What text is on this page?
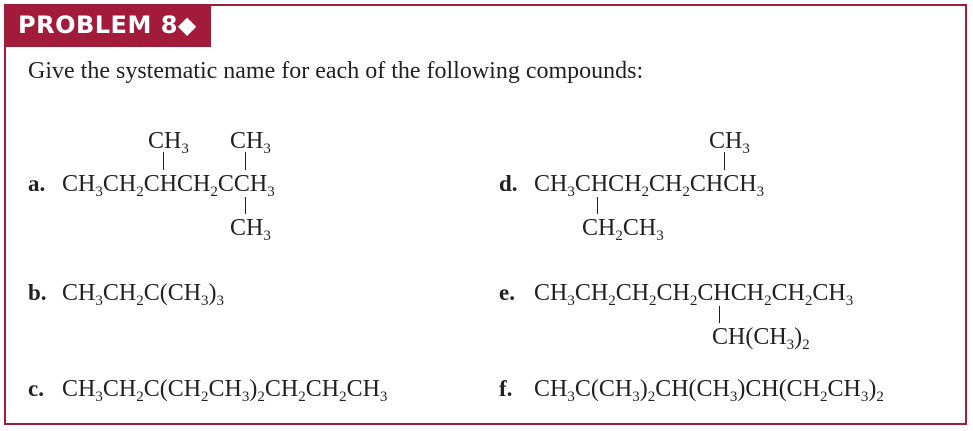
PROBLEM 8◆
Give the systematic name for each of the following compounds:
a.
$CH_3$ $CH_3$
$CH_3CH_2CHCH_2CCH_3$
$CH_3$
b. $CH_3CH_2C(CH_3)_3$
c. $CH_3CH_2C(CH_2CH_3)_2CH_2CH_2CH_3$
d.
$CH_3$
$CH_3CHCH_2CH_2CHCH_3$
$CH_2CH_3$
e. $CH_3CH_2CH_2CH_2CHCH_2CH_2CH_3$
$CH(CH_3)_2$
f. $CH_3C(CH_3)_2CH(CH_3)CH(CH_2CH_3)_2$
